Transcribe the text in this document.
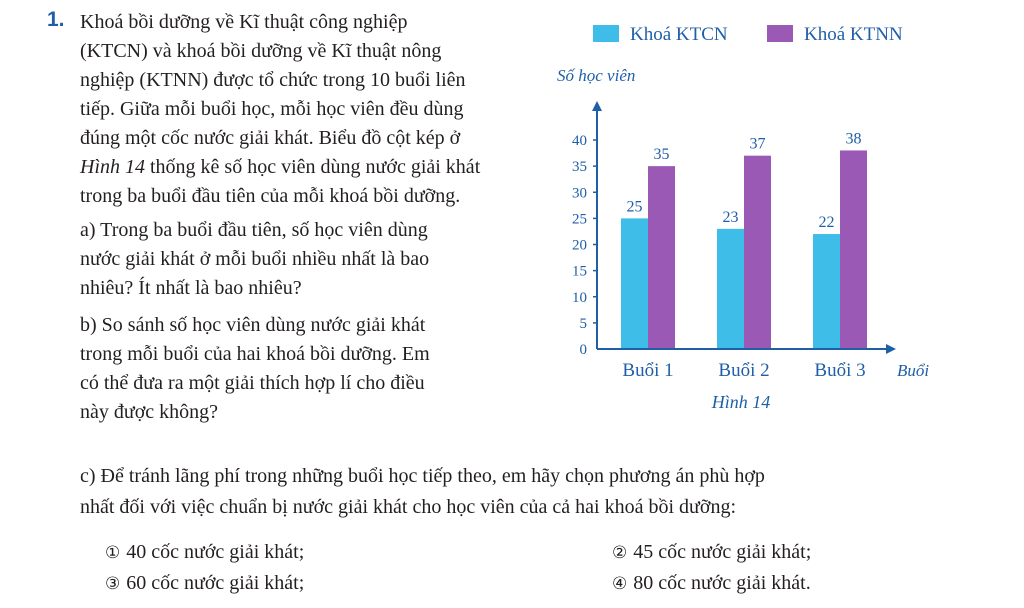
1. Khoá bồi dưỡng về Kĩ thuật công nghiệp

(KTCN) và khoá bồi dưỡng về Kĩ thuật nông

nghiệp (KTNN) được tổ chức trong 10 buổi liên

tiếp. Giữa mỗi buổi học, mỗi học viên đều dùng

đúng một cốc nước giải khát. Biểu đồ cột kép ở

Hình 14 thống kê số học viên dùng nước giải khát

trong ba buổi đầu tiên của mỗi khoá bồi dưỡng.

a) Trong ba buổi đầu tiên, số học viên dùng

nước giải khát ở mỗi buổi nhiều nhất là bao

nhiêu? Ít nhất là bao nhiêu?

b) So sánh số học viên dùng nước giải khát

trong mỗi buổi của hai khoá bồi dưỡng. Em

có thể đưa ra một giải thích hợp lí cho điều

này được không?

c) Để tránh lãng phí trong những buổi học tiếp theo, em hãy chọn phương án phù hợp

nhất đối với việc chuẩn bị nước giải khát cho học viên của cả hai khoá bồi dưỡng:

① 40 cốc nước giải khát;	② 45 cốc nước giải khát;
③ 60 cốc nước giải khát;	④ 80 cốc nước giải khát.
Khoá KTCN	Khoá KTNN
Số học viên
25
35
Buổi 1
23
37
Buổi 2
22
38
Buổi 3
0
5
10
15
20
25
30
35
40
Buổi
Hình 14
